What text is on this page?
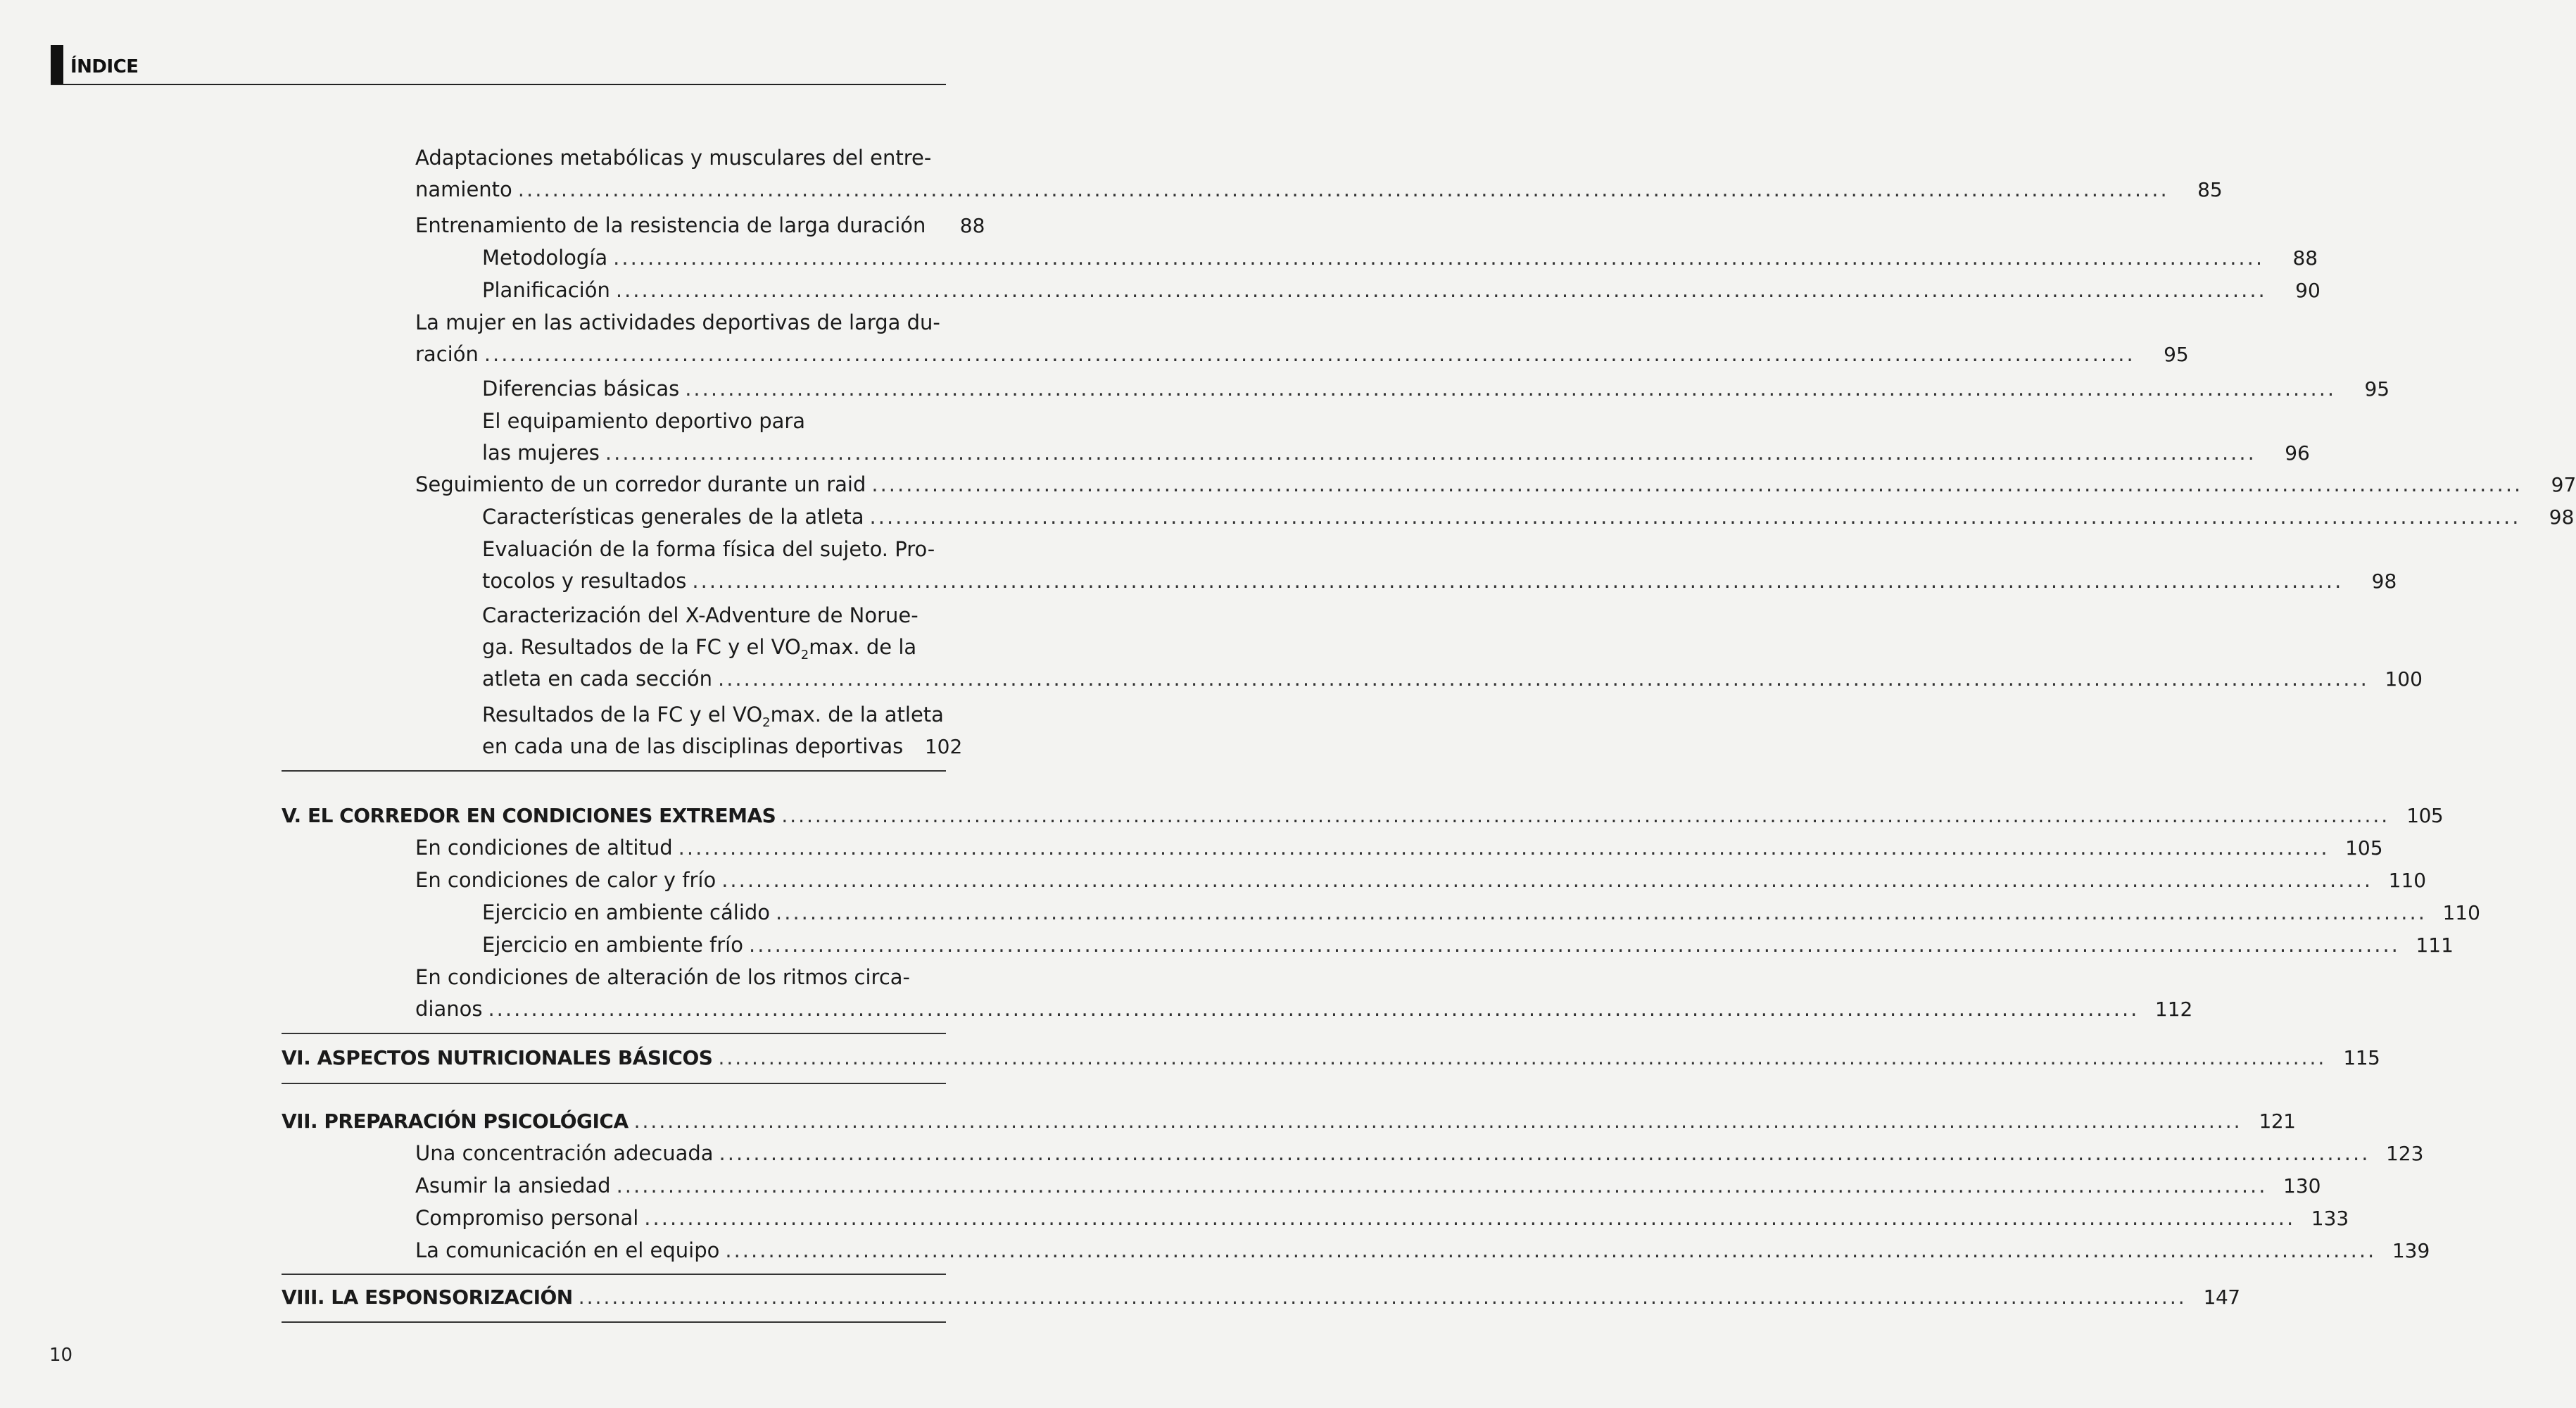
ÍNDICE
Adaptaciones metabólicas y musculares del entre-
namiento .....	85
Entrenamiento de la resistencia de larga duración	88
Metodología .....	88
Planificación .....	90
La mujer en las actividades deportivas de larga du-
ración .....	95
Diferencias básicas .....	95
El equipamiento deportivo para
las mujeres .....	96
Seguimiento de un corredor durante un raid .....	97
Características generales de la atleta .....	98
Evaluación de la forma física del sujeto. Pro-
tocolos y resultados .....	98
Caracterización del X-Adventure de Norue-
ga. Resultados de la FC y el $VO_2\max$. de la
atleta en cada sección .....	100
Resultados de la FC y el $VO_2\max$. de la atleta
en cada una de las disciplinas deportivas	102
V. EL CORREDOR EN CONDICIONES EXTREMAS .....	105
En condiciones de altitud .....	105
En condiciones de calor y frío .....	110
Ejercicio en ambiente cálido .....	110
Ejercicio en ambiente frío .....	111
En condiciones de alteración de los ritmos circa-
dianos .....	112
VI. ASPECTOS NUTRICIONALES BÁSICOS .....	115
VII. PREPARACIÓN PSICOLÓGICA .....	121
Una concentración adecuada .....	123
Asumir la ansiedad .....	130
Compromiso personal .....	133
La comunicación en el equipo .....	139
VIII. LA ESPONSORIZACIÓN .....	147
10
